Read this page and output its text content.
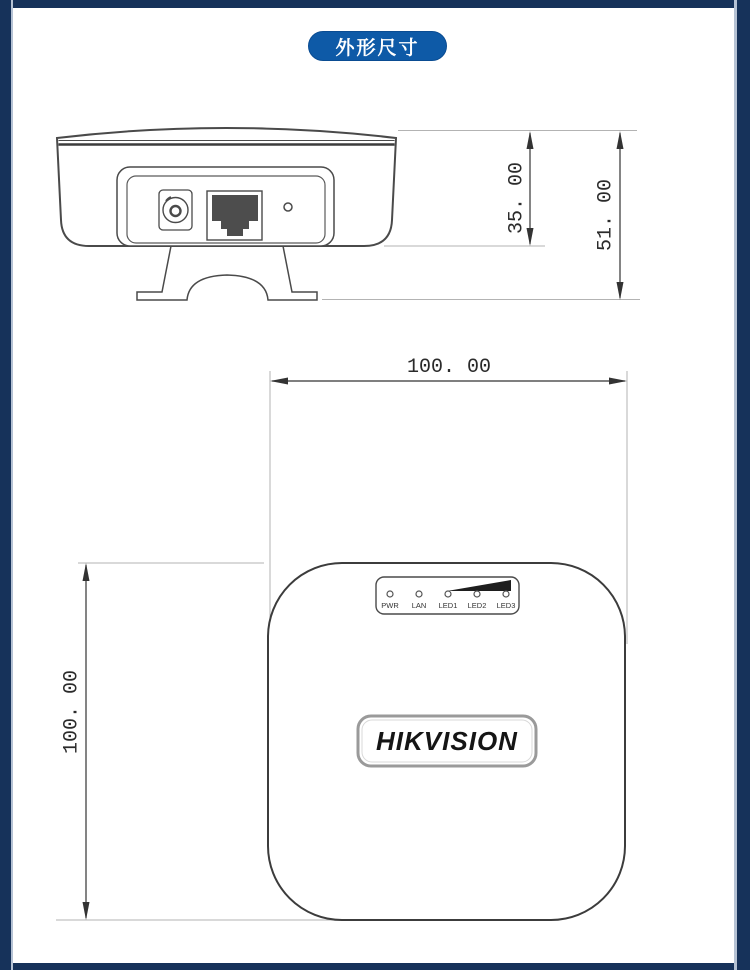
外形尺寸
35. 00	51. 00
100. 00
100. 00
PWR LAN LED1 LED2 LED3
HIKVISION
